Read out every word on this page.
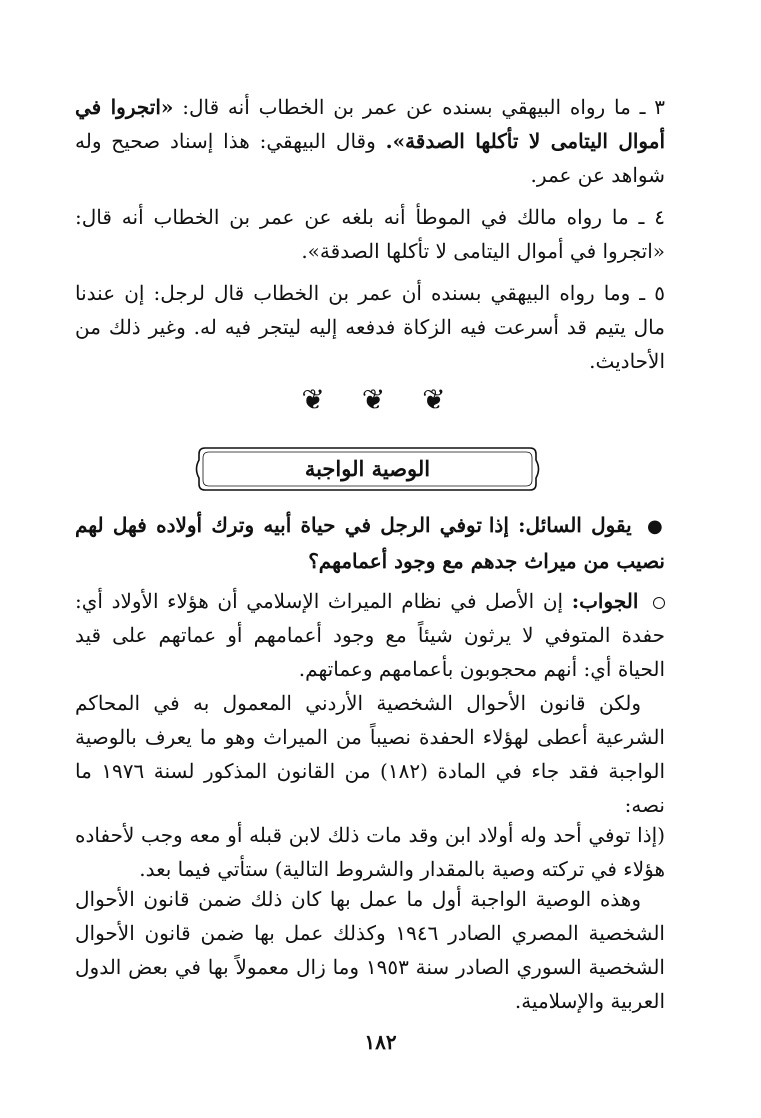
٣ ـ ما رواه البيهقي بسنده عن عمر بن الخطاب أنه قال: «اتجروا في أموال اليتامى لا تأكلها الصدقة». وقال البيهقي: هذا إسناد صحيح وله شواهد عن عمر.

٤ ـ ما رواه مالك في الموطأ أنه بلغه عن عمر بن الخطاب أنه قال: «اتجروا في أموال اليتامى لا تأكلها الصدقة».

٥ ـ وما رواه البيهقي بسنده أن عمر بن الخطاب قال لرجل: إن عندنا مال يتيم قد أسرعت فيه الزكاة فدفعه إليه ليتجر فيه له. وغير ذلك من الأحاديث.

❦ ❦ ❦
الوصية الواجبة

● يقول السائل: إذا توفي الرجل في حياة أبيه وترك أولاده فهل لهم نصيب من ميراث جدهم مع وجود أعمامهم؟

الجواب: إن الأصل في نظام الميراث الإسلامي أن هؤلاء الأولاد أي: حفدة المتوفي لا يرثون شيئاً مع وجود أعمامهم أو عماتهم على قيد الحياة أي: أنهم محجوبون بأعمامهم وعماتهم.

ولكن قانون الأحوال الشخصية الأردني المعمول به في المحاكم الشرعية أعطى لهؤلاء الحفدة نصيباً من الميراث وهو ما يعرف بالوصية الواجبة فقد جاء في المادة (١٨٢) من القانون المذكور لسنة ١٩٧٦ ما نصه:

(إذا توفي أحد وله أولاد ابن وقد مات ذلك لابن قبله أو معه وجب لأحفاده هؤلاء في تركته وصية بالمقدار والشروط التالية) ستأتي فيما بعد.

وهذه الوصية الواجبة أول ما عمل بها كان ذلك ضمن قانون الأحوال الشخصية المصري الصادر ١٩٤٦ وكذلك عمل بها ضمن قانون الأحوال الشخصية السوري الصادر سنة ١٩٥٣ وما زال معمولاً بها في بعض الدول العربية والإسلامية.

١٨٢
